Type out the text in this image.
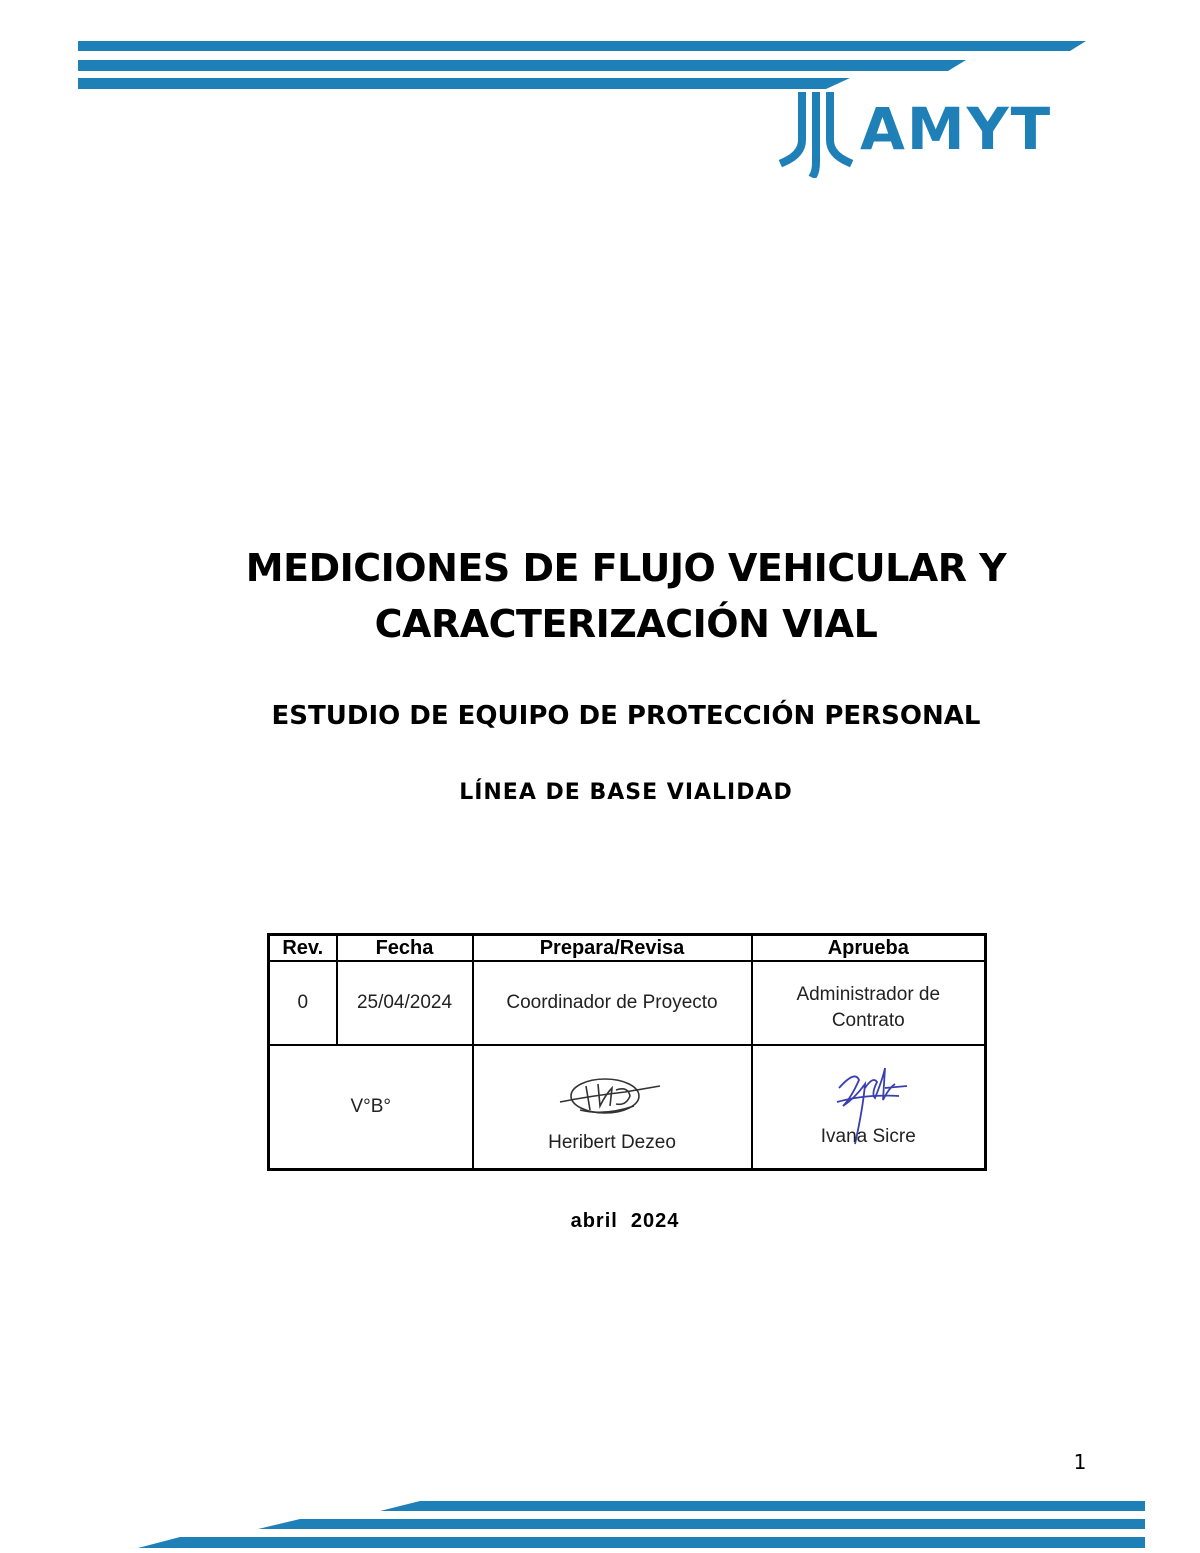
AMYT
MEDICIONES DE FLUJO VEHICULAR Y
CARACTERIZACIÓN VIAL
ESTUDIO DE EQUIPO DE PROTECCIÓN PERSONAL
LÍNEA DE BASE VIALIDAD
Rev.	Fecha	Prepara/Revisa	Aprueba
0	25/04/2024	Coordinador de Proyecto	Administrador de
Contrato

V°B°		Heribert Dezeo	Ivana Sicre
abril  2024
1
